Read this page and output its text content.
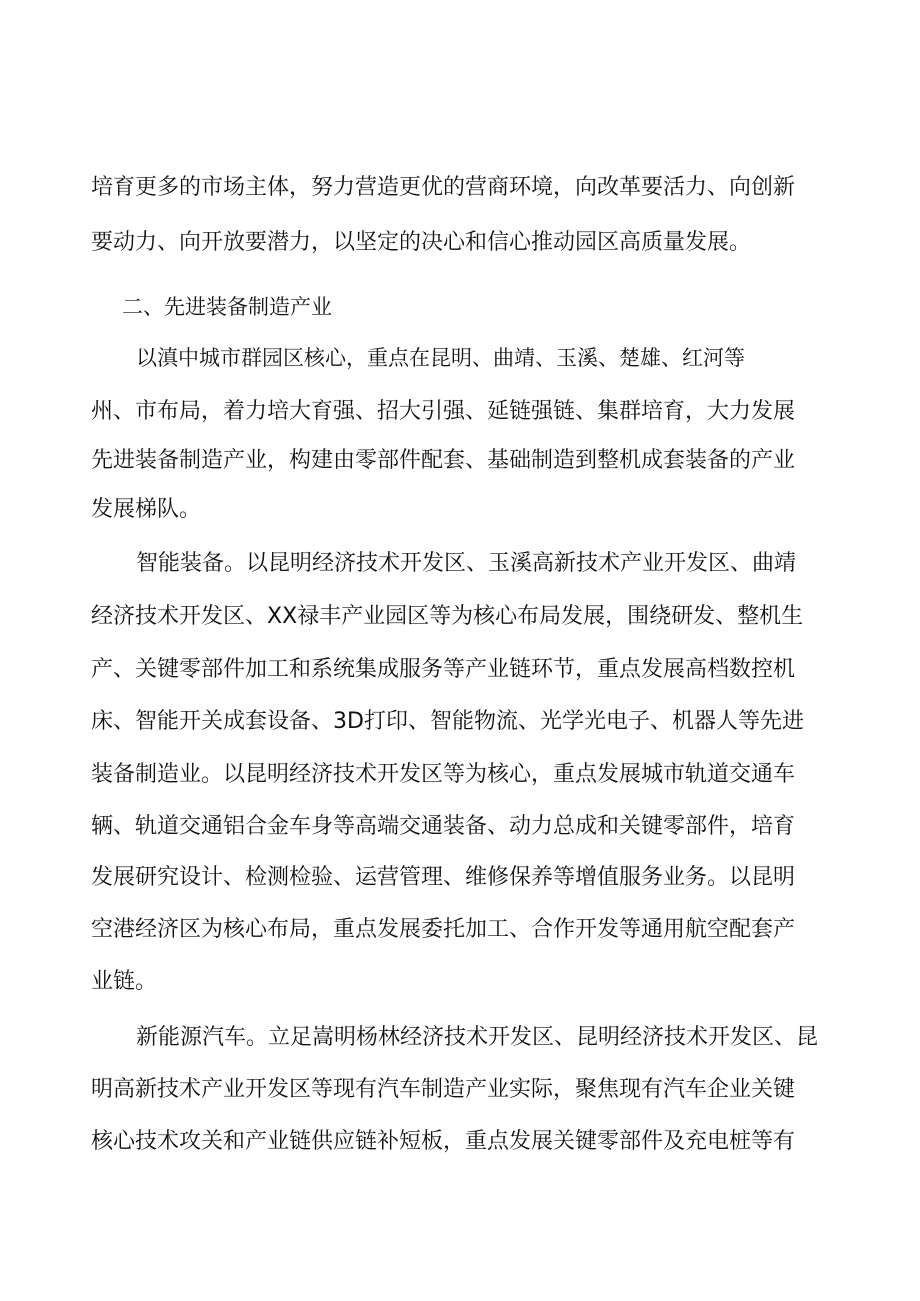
培育更多的市场主体，努力营造更优的营商环境，向改革要活力、向创新
要动力、向开放要潜力，以坚定的决心和信心推动园区高质量发展。
二、先进装备制造产业
以滇中城市群园区核心，重点在昆明、曲靖、玉溪、楚雄、红河等
州、市布局，着力培大育强、招大引强、延链强链、集群培育，大力发展
先进装备制造产业，构建由零部件配套、基础制造到整机成套装备的产业
发展梯队。
智能装备。以昆明经济技术开发区、玉溪高新技术产业开发区、曲靖
经济技术开发区、XX禄丰产业园区等为核心布局发展，围绕研发、整机生
产、关键零部件加工和系统集成服务等产业链环节，重点发展高档数控机
床、智能开关成套设备、3D打印、智能物流、光学光电子、机器人等先进
装备制造业。以昆明经济技术开发区等为核心，重点发展城市轨道交通车
辆、轨道交通铝合金车身等高端交通装备、动力总成和关键零部件，培育
发展研究设计、检测检验、运营管理、维修保养等增值服务业务。以昆明
空港经济区为核心布局，重点发展委托加工、合作开发等通用航空配套产
业链。
新能源汽车。立足嵩明杨林经济技术开发区、昆明经济技术开发区、昆
明高新技术产业开发区等现有汽车制造产业实际，聚焦现有汽车企业关键
核心技术攻关和产业链供应链补短板，重点发展关键零部件及充电桩等有
